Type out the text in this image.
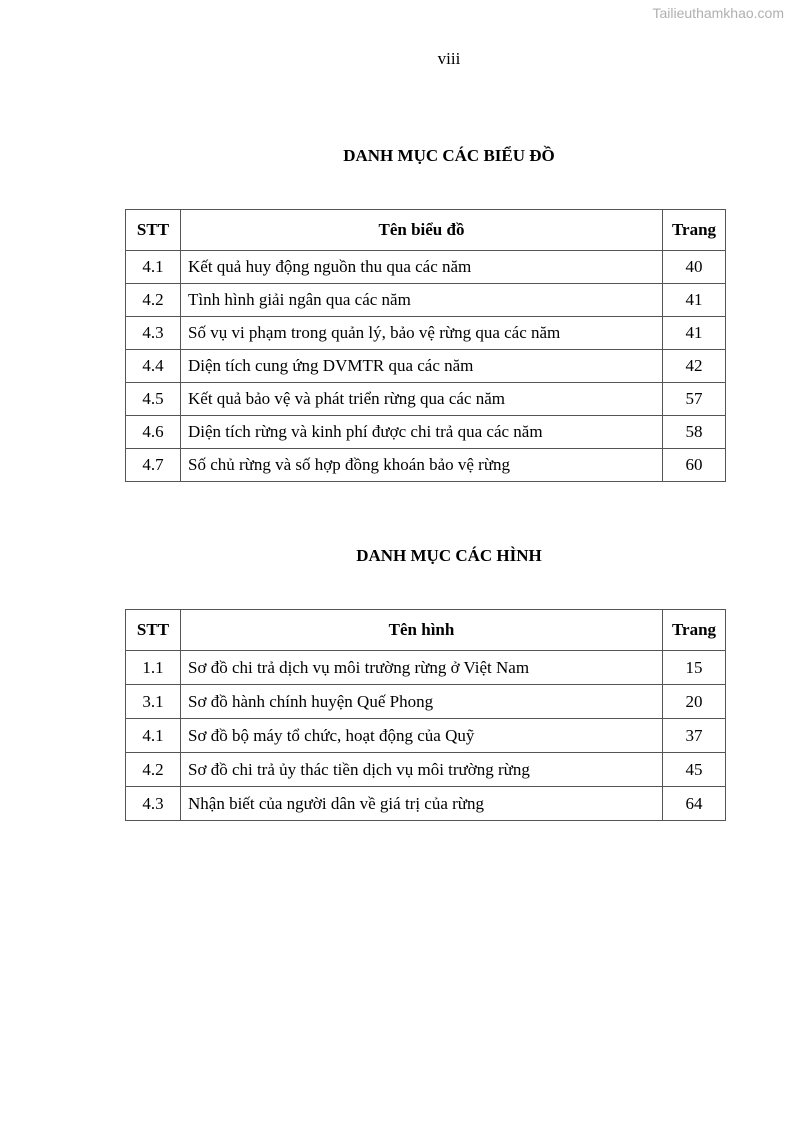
Tailieuthamkhao.com
viii
DANH MỤC CÁC BIỂU ĐỒ
STT	Tên biểu đồ	Trang
4.1	Kết quả huy động nguồn thu qua các năm	40
4.2	Tình hình giải ngân qua các năm	41
4.3	Số vụ vi phạm trong quản lý, bảo vệ rừng qua các năm	41
4.4	Diện tích cung ứng DVMTR qua các năm	42
4.5	Kết quả bảo vệ và phát triển rừng qua các năm	57
4.6	Diện tích rừng và kinh phí được chi trả qua các năm	58
4.7	Số chủ rừng và số hợp đồng khoán bảo vệ rừng	60
DANH MỤC CÁC HÌNH
STT	Tên hình	Trang
1.1	Sơ đồ chi trả dịch vụ môi trường rừng ở Việt Nam	15
3.1	Sơ đồ hành chính huyện Quế Phong	20
4.1	Sơ đồ bộ máy tổ chức, hoạt động của Quỹ	37
4.2	Sơ đồ chi trả ủy thác tiền dịch vụ môi trường rừng	45
4.3	Nhận biết của người dân về giá trị của rừng	64
